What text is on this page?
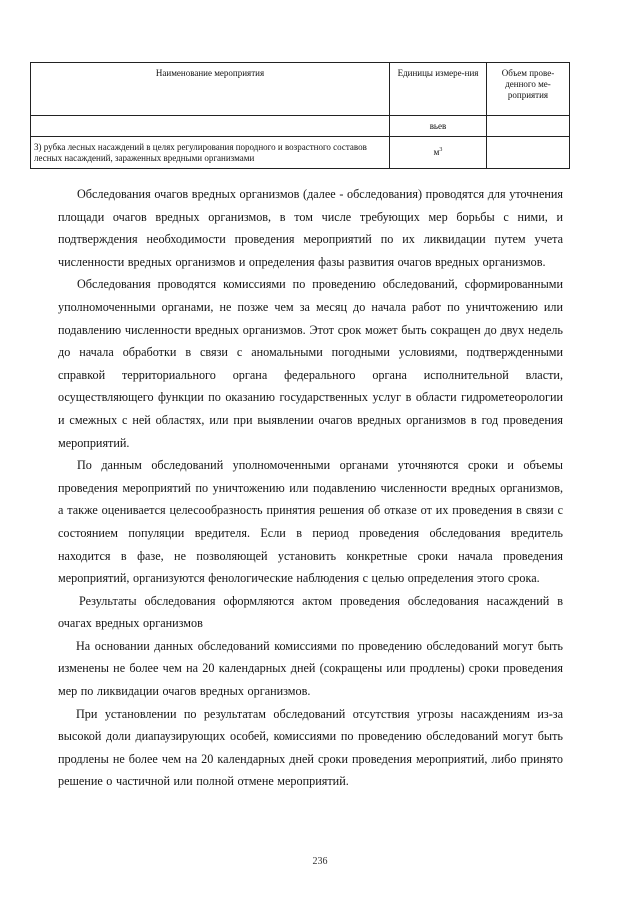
Наименование мероприятия	Единицы измере-ния	Объем прове-денного ме-роприятия
	вьев	
3) рубка лесных насаждений в целях регулирования породного и возрастного составов лесных насаждений, зараженных вредными организмами	$м^3$	

Обследования очагов вредных организмов (далее - обследования) проводятся для уточнения площади очагов вредных организмов, в том числе требующих мер борьбы с ними, и подтверждения необходимости проведения мероприятий по их ликвидации путем учета численности вредных организмов и определения фазы развития очагов вредных организмов.

Обследования проводятся комиссиями по проведению обследований, сформированными уполномоченными органами, не позже чем за месяц до начала работ по уничтожению или подавлению численности вредных организмов. Этот срок может быть сокращен до двух недель до начала обработки в связи с аномальными погодными условиями, подтвержденными справкой территориального органа федерального органа исполнительной власти, осуществляющего функции по оказанию государственных услуг в области гидрометеорологии и смежных с ней областях, или при выявлении очагов вредных организмов в год проведения мероприятий.

По данным обследований уполномоченными органами уточняются сроки и объемы проведения мероприятий по уничтожению или подавлению численности вредных организмов, а также оценивается целесообразность принятия решения об отказе от их проведения в связи с состоянием популяции вредителя. Если в период проведения обследования вредитель находится в фазе, не позволяющей установить конкретные сроки начала проведения мероприятий, организуются фенологические наблюдения с целью определения этого срока.

Результаты обследования оформляются актом проведения обследования насаждений в очагах вредных организмов

На основании данных обследований комиссиями по проведению обследований могут быть изменены не более чем на 20 календарных дней (сокращены или продлены) сроки проведения мер по ликвидации очагов вредных организмов.

При установлении по результатам обследований отсутствия угрозы насаждениям из-за высокой доли диапаузирующих особей, комиссиями по проведению обследований могут быть продлены не более чем на 20 календарных дней сроки проведения мероприятий, либо принято решение о частичной или полной отмене мероприятий.

236
